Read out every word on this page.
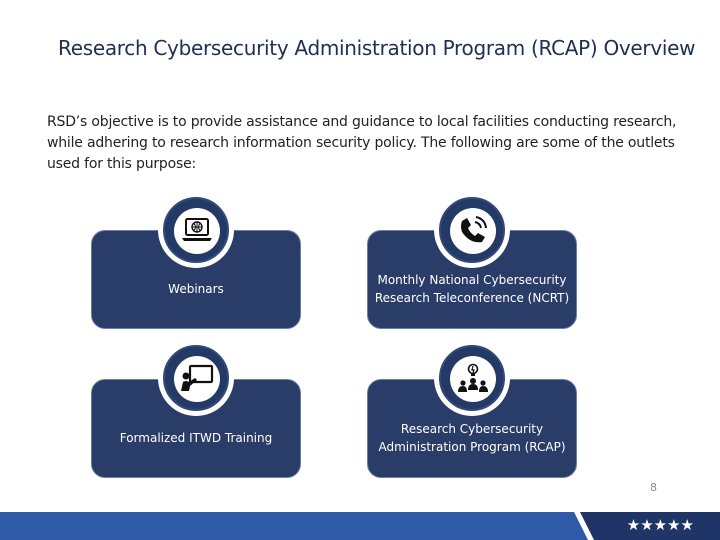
Research Cybersecurity Administration Program (RCAP) Overview
RSD’s objective is to provide assistance and guidance to local facilities conducting research, while adhering to research information security policy. The following are some of the outlets used for this purpose:
Webinars
Monthly National Cybersecurity Research Teleconference (NCRT)
Formalized ITWD Training
Research Cybersecurity Administration Program (RCAP)
8
★★★★★
